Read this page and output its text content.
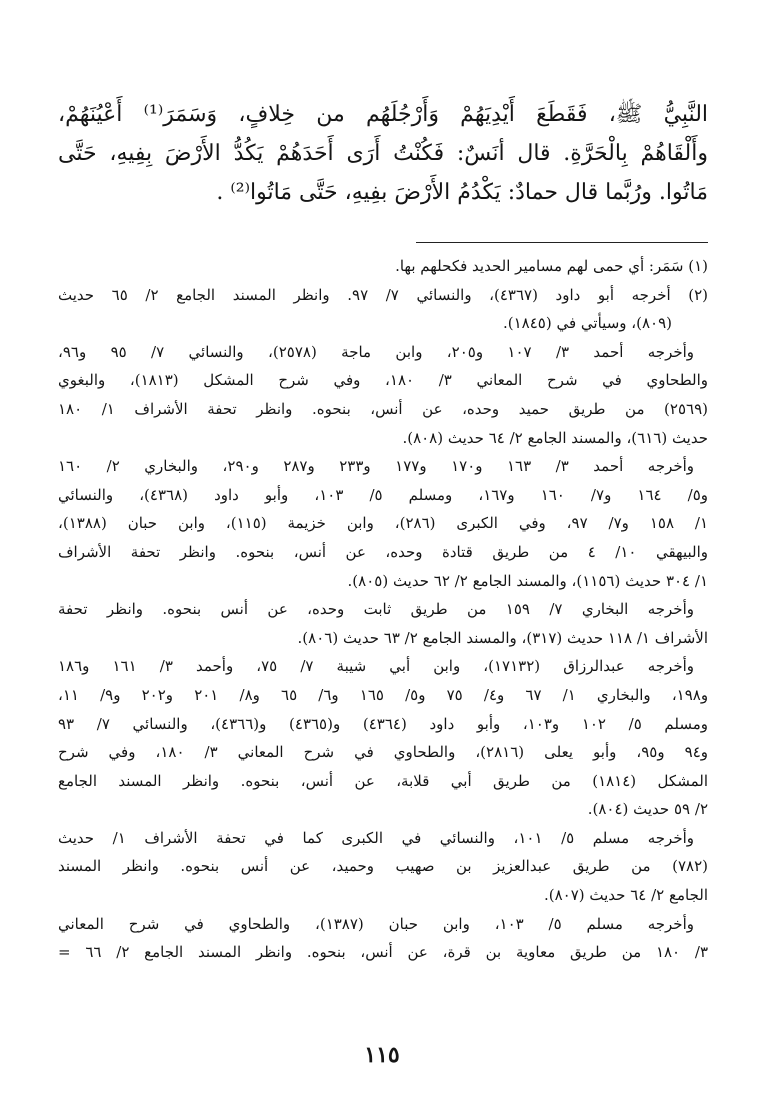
النَّبِيُّ ﷺ، فَقَطَعَ أَيْدِيَهُمْ وَأَرْجُلَهُم من خِلافٍ، وَسَمَرَ⁽¹⁾ أَعْيُنَهُمْ،
وأَلْقَاهُمْ بِالْحَرَّةِ. قال أنَسٌ: فَكُنْتُ أَرَى أَحَدَهُمْ يَكُدُّ الأَرْضَ بِفِيهِ، حَتَّى
مَاتُوا. ورُبَّما قال حمادٌ: يَكْدُمُ الأَرْضَ بفِيهِ، حَتَّى مَاتُوا⁽²⁾ .
(١) سَمَر: أي حمى لهم مسامير الحديد فكحلهم بها.
(٢) أخرجه أبو داود (٤٣٦٧)، والنسائي ٧/ ٩٧. وانظر المسند الجامع ٢/ ٦٥ حديث
(٨٠٩)، وسيأتي في (١٨٤٥).
وأخرجه أحمد ٣/ ١٠٧ و٢٠٥، وابن ماجة (٢٥٧٨)، والنسائي ٧/ ٩٥ و٩٦،
والطحاوي في شرح المعاني ٣/ ١٨٠، وفي شرح المشكل (١٨١٣)، والبغوي
(٢٥٦٩) من طريق حميد وحده، عن أنس، بنحوه. وانظر تحفة الأشراف ١/ ١٨٠
حديث (٦١٦)، والمسند الجامع ٢/ ٦٤ حديث (٨٠٨).
وأخرجه أحمد ٣/ ١٦٣ و١٧٠ و١٧٧ و٢٣٣ و٢٨٧ و٢٩٠، والبخاري ٢/ ١٦٠
و٥/ ١٦٤ و٧/ ١٦٠ و١٦٧، ومسلم ٥/ ١٠٣، وأبو داود (٤٣٦٨)، والنسائي
١/ ١٥٨ و٧/ ٩٧، وفي الكبرى (٢٨٦)، وابن خزيمة (١١٥)، وابن حبان (١٣٨٨)،
والبيهقي ١٠/ ٤ من طريق قتادة وحده، عن أنس، بنحوه. وانظر تحفة الأشراف
١/ ٣٠٤ حديث (١١٥٦)، والمسند الجامع ٢/ ٦٢ حديث (٨٠٥).
وأخرجه البخاري ٧/ ١٥٩ من طريق ثابت وحده، عن أنس بنحوه. وانظر تحفة
الأشراف ١/ ١١٨ حديث (٣١٧)، والمسند الجامع ٢/ ٦٣ حديث (٨٠٦).
وأخرجه عبدالرزاق (١٧١٣٢)، وابن أبي شيبة ٧/ ٧٥، وأحمد ٣/ ١٦١ و١٨٦
و١٩٨، والبخاري ١/ ٦٧ و٤/ ٧٥ و٥/ ١٦٥ و٦/ ٦٥ و٨/ ٢٠١ و٢٠٢ و٩/ ١١،
ومسلم ٥/ ١٠٢ و١٠٣، وأبو داود (٤٣٦٤) و(٤٣٦٥) و(٤٣٦٦)، والنسائي ٧/ ٩٣
و٩٤ و٩٥، وأبو يعلى (٢٨١٦)، والطحاوي في شرح المعاني ٣/ ١٨٠، وفي شرح
المشكل (١٨١٤) من طريق أبي قلابة، عن أنس، بنحوه. وانظر المسند الجامع
٢/ ٥٩ حديث (٨٠٤).
وأخرجه مسلم ٥/ ١٠١، والنسائي في الكبرى كما في تحفة الأشراف ١/ حديث
(٧٨٢) من طريق عبدالعزيز بن صهيب وحميد، عن أنس بنحوه. وانظر المسند
الجامع ٢/ ٦٤ حديث (٨٠٧).
وأخرجه مسلم ٥/ ١٠٣، وابن حبان (١٣٨٧)، والطحاوي في شرح المعاني
٣/ ١٨٠ من طريق معاوية بن قرة، عن أنس، بنحوه. وانظر المسند الجامع ٢/ ٦٦ =
١١٥
